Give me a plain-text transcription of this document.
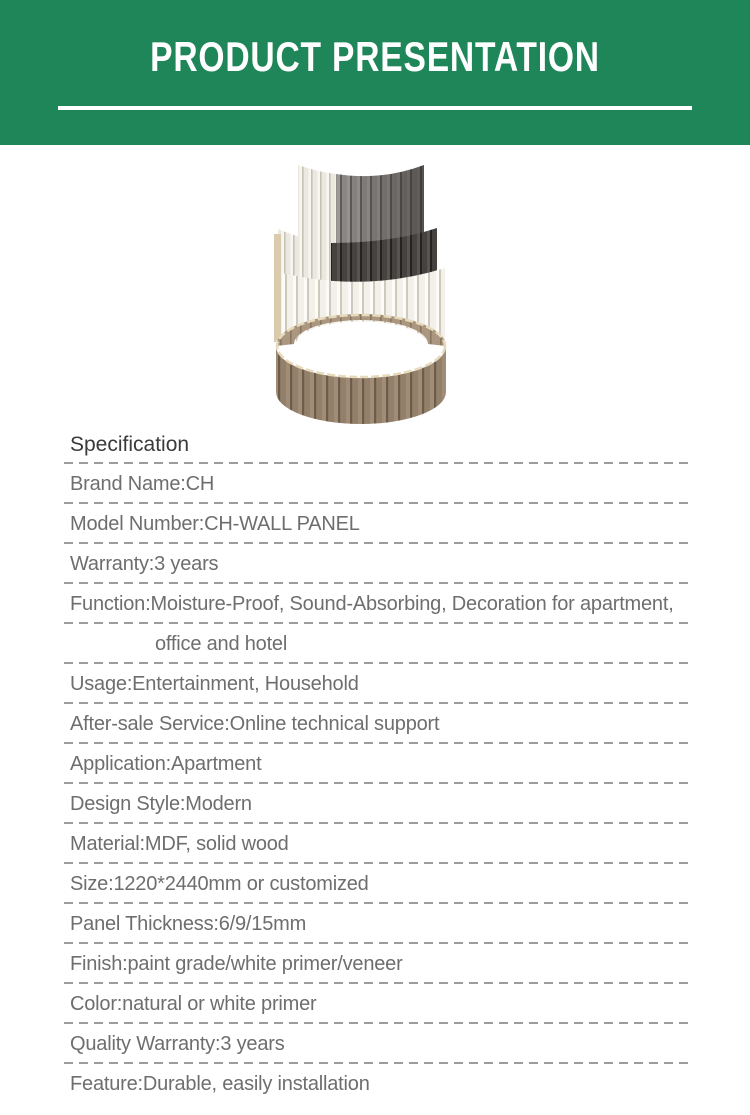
PRODUCT PRESENTATION
Specification
Brand Name:CH
Model Number:CH-WALL PANEL
Warranty:3 years
Function:Moisture-Proof, Sound-Absorbing, Decoration for apartment,
office and hotel
Usage:Entertainment, Household
After-sale Service:Online technical support
Application:Apartment
Design Style:Modern
Material:MDF, solid wood
Size:1220*2440mm or customized
Panel Thickness:6/9/15mm
Finish:paint grade/white primer/veneer
Color:natural or white primer
Quality Warranty:3 years
Feature:Durable, easily installation
